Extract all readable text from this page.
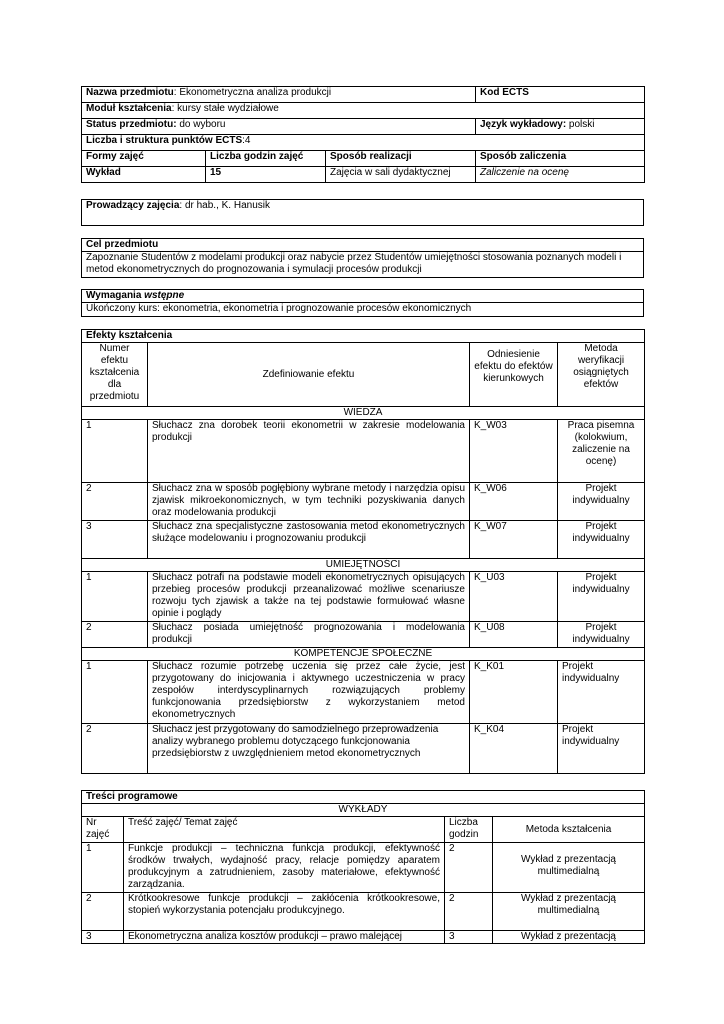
Nazwa przedmiotu: Ekonometryczna analiza produkcji			Kod ECTS
Moduł kształcenia: kursy stałe wydziałowe			
Status przedmiotu: do wyboru			Język wykładowy: polski
Liczba i struktura punktów ECTS:4			
Formy zajęć	Liczba godzin zajęć	Sposób realizacji	Sposób zaliczenia
Wykład	15	Zajęcia w sali dydaktycznej	Zaliczenie na ocenę
Prowadzący zajęcia: dr hab., K. Hanusik
Cel przedmiotu
Zapoznanie Studentów z modelami produkcji oraz nabycie przez Studentów umiejętności stosowania poznanych modeli i metod ekonometrycznych do prognozowania i symulacji procesów produkcji
Wymagania wstępne
Ukończony kurs: ekonometria, ekonometria i prognozowanie procesów ekonomicznych
Efekty kształcenia			
Numer efektu kształcenia dla przedmiotu	Zdefiniowanie efektu	Odniesienie efektu do efektów kierunkowych	Metoda weryfikacji osiągniętych efektów
WIEDZA			
1	Słuchacz zna dorobek teorii ekonometrii w zakresie modelowania produkcji	K_W03	Praca pisemna (kolokwium, zaliczenie na ocenę)
2	Słuchacz zna w sposób pogłębiony wybrane metody i narzędzia opisu zjawisk mikroekonomicznych, w tym techniki pozyskiwania danych oraz modelowania produkcji	K_W06	Projekt indywidualny
3	Słuchacz zna specjalistyczne zastosowania metod ekonometrycznych służące modelowaniu i prognozowaniu produkcji	K_W07	Projekt indywidualny
UMIEJĘTNOŚCI			
1	Słuchacz potrafi na podstawie modeli ekonometrycznych opisujących przebieg procesów produkcji przeanalizować możliwe scenariusze rozwoju tych zjawisk a także na tej podstawie formułować własne opinie i poglądy	K_U03	Projekt indywidualny
2	Słuchacz posiada umiejętność prognozowania i modelowania produkcji	K_U08	Projekt indywidualny
KOMPETENCJE SPOŁECZNE			
1	Słuchacz rozumie potrzebę uczenia się przez całe życie, jest przygotowany do inicjowania i aktywnego uczestniczenia w pracy zespołów interdyscyplinarnych rozwiązujących problemy funkcjonowania przedsiębiorstw z wykorzystaniem metod ekonometrycznych	K_K01	Projekt indywidualny
2	Słuchacz jest przygotowany do samodzielnego przeprowadzenia analizy wybranego problemu dotyczącego funkcjonowania przedsiębiorstw z uwzględnieniem metod ekonometrycznych	K_K04	Projekt indywidualny
Treści programowe			
WYKŁADY			
Nr zajęć	Treść zajęć/ Temat zajęć	Liczba godzin	Metoda kształcenia
1	Funkcje produkcji – techniczna funkcja produkcji, efektywność środków trwałych, wydajność pracy, relacje pomiędzy aparatem produkcyjnym a zatrudnieniem, zasoby materiałowe, efektywność zarządzania.	2	Wykład z prezentacją multimedialną
2	Krótkookresowe funkcje produkcji – zakłócenia krótkookresowe, stopień wykorzystania potencjału produkcyjnego.	2	Wykład z prezentacją multimedialną
3	Ekonometryczna analiza kosztów produkcji – prawo malejącej	3	Wykład z prezentacją
